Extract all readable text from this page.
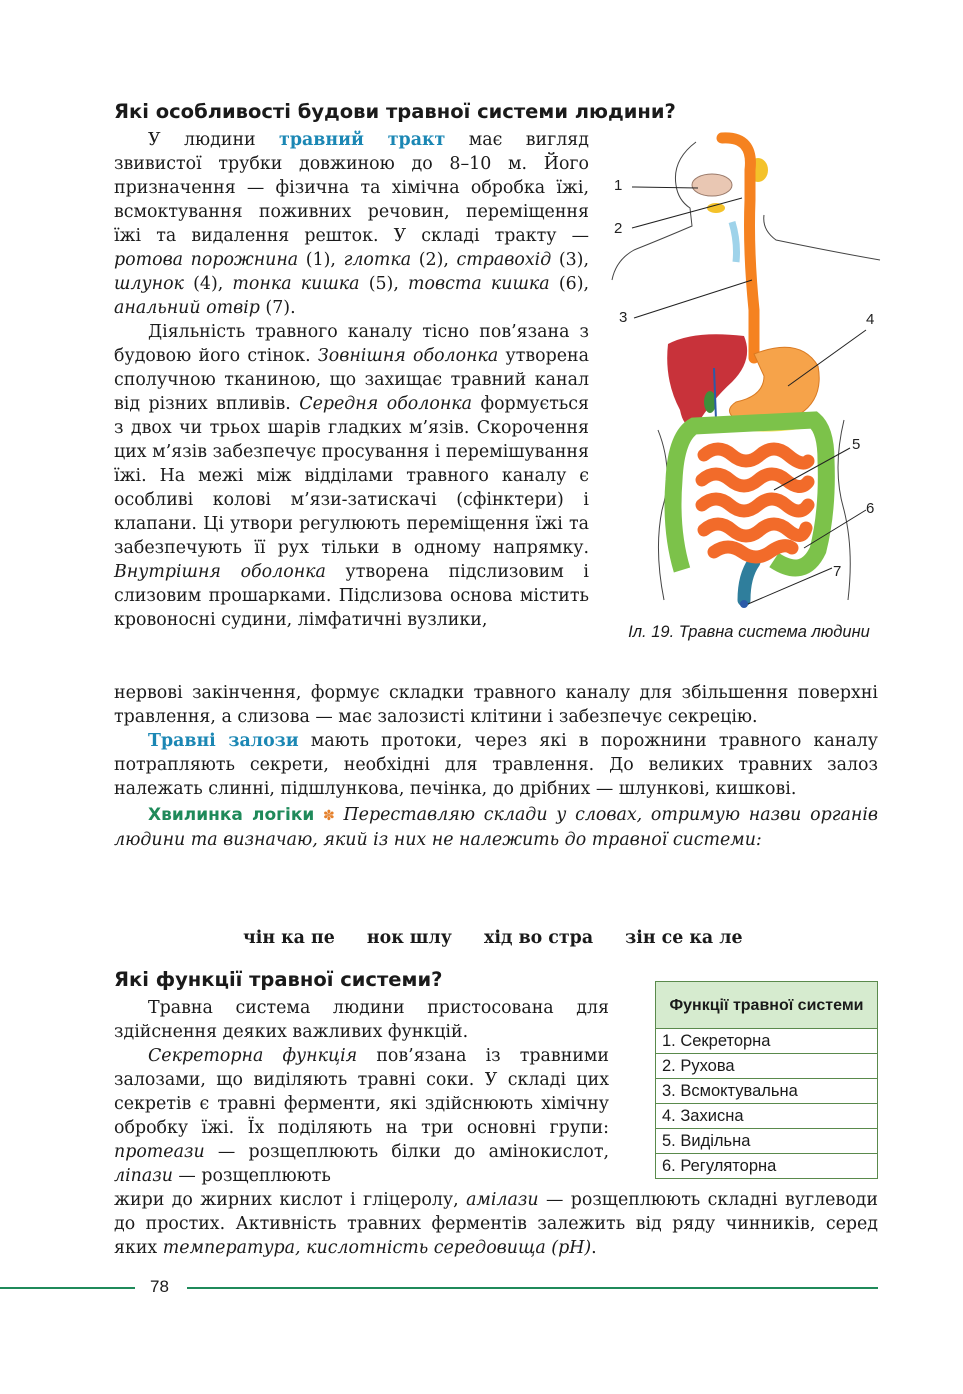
Які особливості будови травної системи людини?

У людини травний тракт має вигляд звивистої трубки довжиною до 8–10 м. Його призначення — фізична та хімічна обробка їжі, всмоктування поживних речовин, переміщення їжі та видалення решток. У складі тракту — ротова порожнина (1), глотка (2), стравохід (3), шлунок (4), тонка кишка (5), товста кишка (6), анальний отвір (7).

Діяльність травного каналу тісно пов’язана з будовою його стінок. Зовнішня оболонка утворена сполучною тканиною, що захищає травний канал від різних впливів. Середня оболонка формується з двох чи трьох шарів гладких м’язів. Скорочення цих м’язів забезпечує просування і перемішування їжі. На межі між відділами травного каналу є особливі колові м’язи-затискачі (сфінктери) і клапани. Ці утвори регулюють переміщення їжі та забезпечують її рух тільки в одному напрямку. Внутрішня оболонка утворена підслизовим і слизовим прошарками. Підслизова основа містить кровоносні судини, лімфатичні вузлики,

нервові закінчення, формує складки травного каналу для збільшення поверхні травлення, а слизова — має залозисті клітини і забезпечує секрецію.

Травні залози мають протоки, через які в порожнини травного каналу потрапляють секрети, необхідні для травлення. До великих травних залоз належать слинні, підшлункова, печінка, до дрібних — шлункові, кишкові.

Хвилинка логіки ✽ Переставляю склади у словах, отримую назви органів людини та визначаю, який із них не належить до травної системи:

чін ка пе нок шлу хід во стра зін се ка ле
1
2
3	4
5
6
7
Іл. 19. Травна система людини
Які функції травної системи?

Травна система людини пристосована для здійснення деяких важливих функцій.

Секреторна функція пов’язана із травними залозами, що виділяють травні соки. У складі цих секретів є травні ферменти, які здійснюють хімічну обробку їжі. Їх поділяють на три основні групи: протеази — розщеплюють білки до амінокислот, ліпази — розщеплюють

жири до жирних кислот і гліцеролу, амілази — розщеплюють складні вуглеводи до простих. Активність травних ферментів залежить від ряду чинників, серед яких температура, кислотність середовища (pH).

Функції травної системи
1. Секреторна
2. Рухова
3. Всмоктувальна
4. Захисна
5. Видільна
6. Регуляторна
78
